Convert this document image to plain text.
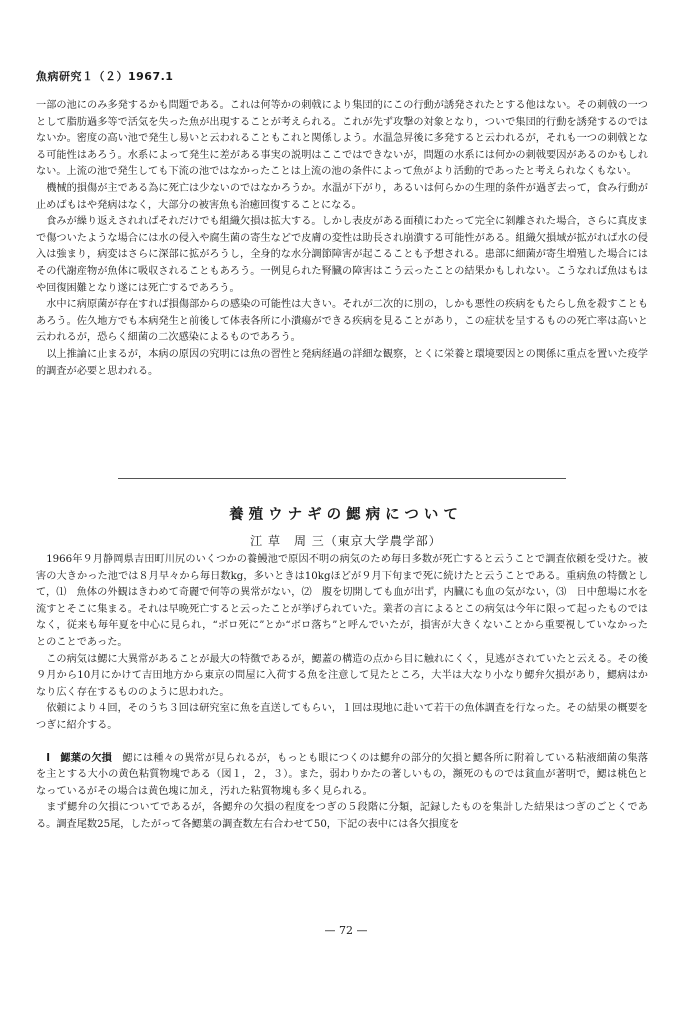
魚病研究１（２）1967.1

一部の池にのみ多発するかも問題である。これは何等かの刺戟により集団的にこの行動が誘発されたとする他はない。その刺戟の一つとして脂肪過多等で活気を失った魚が出現することが考えられる。これが先ず攻撃の対象となり，ついで集団的行動を誘発するのではないか。密度の高い池で発生し易いと云われることもこれと関係しよう。水温急昇後に多発すると云われるが，それも一つの刺戟となる可能性はあろう。水系によって発生に差がある事実の説明はここではできないが，問題の水系には何かの刺戟要因があるのかもしれない。上流の池で発生しても下流の池ではなかったことは上流の池の条件によって魚がより活動的であったと考えられなくもない。

機械的損傷が主である為に死亡は少ないのではなかろうか。水温が下がり，あるいは何らかの生理的条件が過ぎ去って，食み行動が止めばもはや発病はなく，大部分の被害魚も治癒回復することになる。

食みが繰り返えされればそれだけでも組織欠損は拡大する。しかし表皮がある面積にわたって完全に剝離された場合，さらに真皮まで傷ついたような場合には水の侵入や腐生菌の寄生などで皮膚の変性は助長され崩潰する可能性がある。組織欠損域が拡がれば水の侵入は強まり，病変はさらに深部に拡がろうし，全身的な水分調節障害が起こることも予想される。患部に細菌が寄生増殖した場合にはその代謝産物が魚体に吸収されることもあろう。一例見られた腎臓の障害はこう云ったことの結果かもしれない。こうなれば魚はもはや回復困難となり遂には死亡するであろう。

水中に病原菌が存在すれば損傷部からの感染の可能性は大きい。それが二次的に別の，しかも悪性の疾病をもたらし魚を殺すこともあろう。佐久地方でも本病発生と前後して体表各所に小潰瘍ができる疾病を見ることがあり，この症状を呈するものの死亡率は高いと云われるが，恐らく細菌の二次感染によるものであろう。

以上推論に止まるが，本病の原因の究明には魚の習性と発病経過の詳細な観察，とくに栄養と環境要因との関係に重点を置いた疫学的調査が必要と思われる。

養殖ウナギの鰓病について
江 草　周 三（東京大学農学部）

1966年９月静岡県吉田町川尻のいくつかの養鰻池で原因不明の病気のため毎日多数が死亡すると云うことで調査依頼を受けた。被害の大きかった池では８月早々から毎日数kg，多いときは10kgほどが９月下旬まで死に続けたと云うことである。重病魚の特徴として，⑴　魚体の外観はきわめて奇麗で何等の異常がない，⑵　腹を切開しても血が出ず，内臓にも血の気がない，⑶　日中憩場に水を流すとそこに集まる。それは早晩死亡すると云ったことが挙げられていた。業者の言によるとこの病気は今年に限って起ったものではなく，従来も毎年夏を中心に見られ，“ボロ死に”とか“ボロ落ち”と呼んでいたが，損害が大きくないことから重要視していなかったとのことであった。

この病気は鰓に大異常があることが最大の特徴であるが，鰓蓋の構造の点から目に触れにくく，見逃がされていたと云える。その後９月から10月にかけて吉田地方から東京の問屋に入荷する魚を注意して見たところ，大半は大なり小なり鰓弁欠損があり，鰓病はかなり広く存在するもののように思われた。

依頼により４回，そのうち３回は研究室に魚を直送してもらい，１回は現地に赴いて若干の魚体調査を行なった。その結果の概要をつぎに紹介する。

Ⅰ　鰓葉の欠損　 鰓には種々の異常が見られるが，もっとも眼につくのは鰓弁の部分的欠損と鰓各所に附着している粘液細菌の集落を主とする大小の黄色粘質物塊である（図１，２，３）。また，弱わりかたの著しいもの，瀕死のものでは貧血が著明で，鰓は桃色となっているがその場合は黄色塊に加え，汚れた粘質物塊も多く見られる。

まず鰓弁の欠損についてであるが，各鰓弁の欠損の程度をつぎの５段階に分類，記録したものを集計した結果はつぎのごとくである。調査尾数25尾，したがって各鰓葉の調査数左右合わせて50，下記の表中には各欠損度を

— 72 —
